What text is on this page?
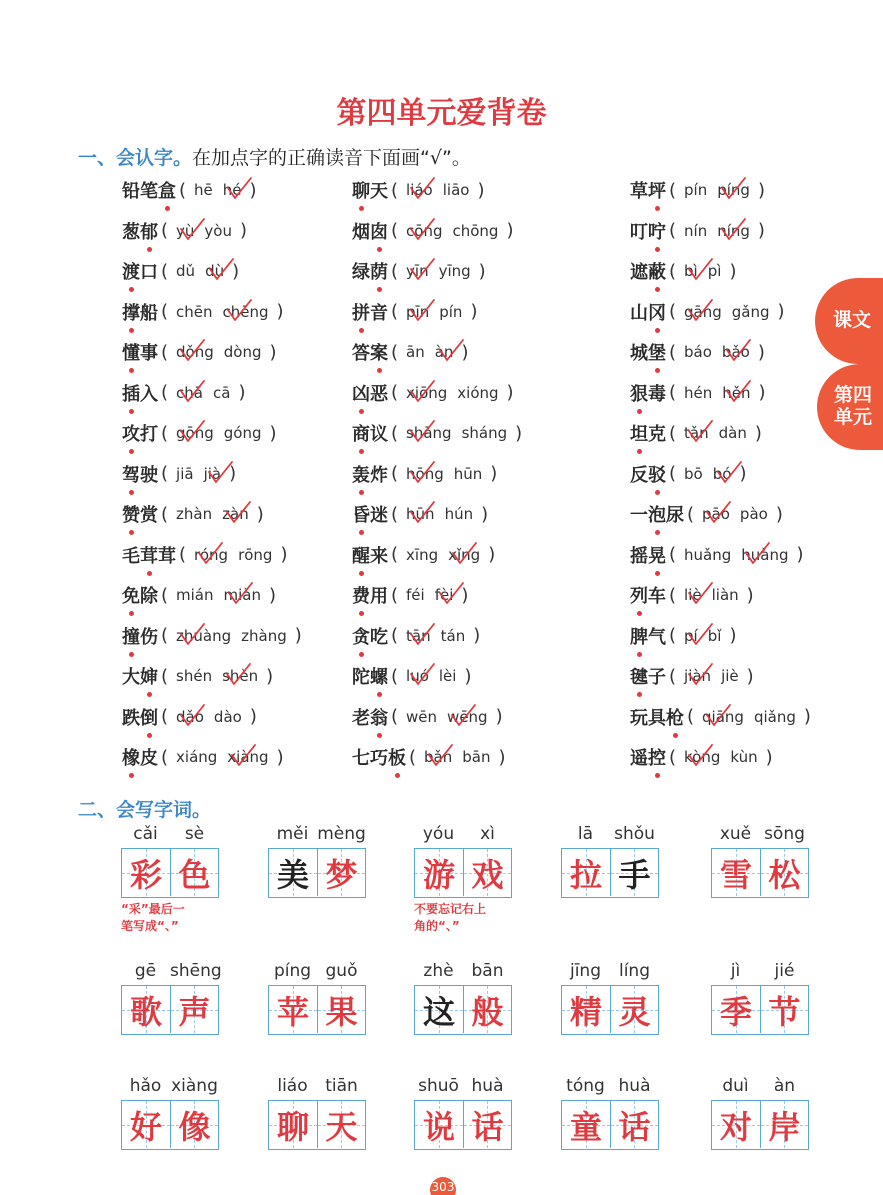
第四单元爱背卷
一、会认字。在加点字的正确读音下面画“√”。
课文
第四单元
铅笔盒 ( hē hé )	聊天 ( liáo liāo )	草坪 ( pín píng )
葱郁 ( yù yòu )	烟囱 ( cōng chōng )	叮咛 ( nín níng )
渡口 ( dǔ dù )	绿荫 ( yīn yīng )	遮蔽 ( bì pì )
撑船 ( chēn chēng )	拼音 ( pīn pín )	山冈 ( gāng gǎng )
懂事 ( dǒng dòng )	答案 ( ān àn )	城堡 ( báo bǎo )
插入 ( chā cā )	凶恶 ( xiōng xióng )	狠毒 ( hén hěn )
攻打 ( gōng góng )	商议 ( shāng sháng )	坦克 ( tǎn dàn )
驾驶 ( jiā jià )	轰炸 ( hōng hūn )	反驳 ( bō bó )
赞赏 ( zhàn zàn )	昏迷 ( hūn hún )	一泡尿 ( pāo pào )
毛茸茸 ( róng rōng )	醒来 ( xīng xǐng )	摇晃 ( huǎng huàng )
免除 ( mián miǎn )	费用 ( féi fèi )	列车 ( liè liàn )
撞伤 ( zhuàng zhàng )	贪吃 ( tān tán )	脾气 ( pí bǐ )
大婶 ( shén shěn )	陀螺 ( luó lèi )	毽子 ( jiàn jiè )
跌倒 ( dǎo dào )	老翁 ( wēn wēng )	玩具枪 ( qiāng qiǎng )
橡皮 ( xiáng xiàng )	七巧板 ( bǎn bān )	遥控 ( kòng kùn )
二、会写字词。
cǎi	sè
彩 色
“采”最后一
笔写成“、”
měi mèng
美 梦
yóu	xì
游 戏
不要忘记右上
角的“、”
lā	shǒu
拉 手
xuě sōng
雪 松
gē shēng
歌 声
píng guǒ
苹 果
zhè	bān
这 般
jīng	líng
精 灵
jì	jié
季 节
hǎo xiàng
好 像
liáo	tiān
聊 天
shuō huà
说 话
tóng huà
童 话
duì	àn
对 岸
303
